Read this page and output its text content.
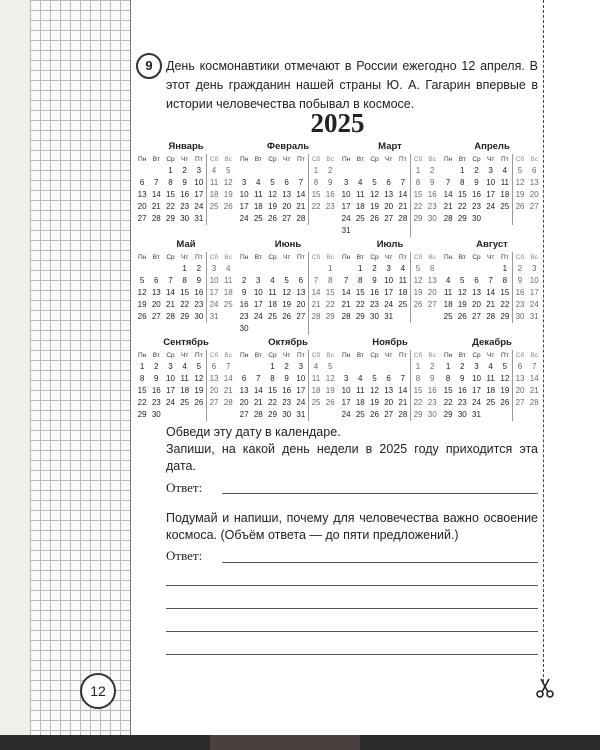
9	День космонавтики отмечают в России ежегодно 12 апреля. В этот день гражданин нашей страны Ю. А. Гагарин впервые в истории человечества побывал в космосе.
2025
Январь
Пн	Вт	Ср	Чт	Пт	Сб	Вс
		1	2	3	4	5
6	7	8	9	10	11	12
13	14	15	16	17	18	19
20	21	22	23	24	25	26
27	28	29	30	31		
Февраль
Пн	Вт	Ср	Чт	Пт	Сб	Вс
					1	2
3	4	5	6	7	8	9
10	11	12	13	14	15	16
17	18	19	20	21	22	23
24	25	26	27	28		
Март
Пн	Вт	Ср	Чт	Пт	Сб	Вс
					1	2
3	4	5	6	7	8	9
10	11	12	13	14	15	16
17	18	19	20	21	22	23
24	25	26	27	28	29	30
31						
Апрель
Пн	Вт	Ср	Чт	Пт	Сб	Вс
	1	2	3	4	5	6
7	8	9	10	11	12	13
14	15	16	17	18	19	20
21	22	23	24	25	26	27
28	29	30				
Май
Пн	Вт	Ср	Чт	Пт	Сб	Вс
			1	2	3	4
5	6	7	8	9	10	11
12	13	14	15	16	17	18
19	20	21	22	23	24	25
26	27	28	29	30	31	
Июнь
Пн	Вт	Ср	Чт	Пт	Сб	Вс
						1
2	3	4	5	6	7	8
9	10	11	12	13	14	15
16	17	18	19	20	21	22
23	24	25	26	27	28	29
30						
Июль
Пн	Вт	Ср	Чт	Пт	Сб	Вс
	1	2	3	4	5	6
7	8	9	10	11	12	13
14	15	16	17	18	19	20
21	22	23	24	25	26	27
28	29	30	31			
Август
Пн	Вт	Ср	Чт	Пт	Сб	Вс
				1	2	3
4	5	6	7	8	9	10
11	12	13	14	15	16	17
18	19	20	21	22	23	24
25	26	27	28	29	30	31
Сентябрь
Пн	Вт	Ср	Чт	Пт	Сб	Вс
1	2	3	4	5	6	7
8	9	10	11	12	13	14
15	16	17	18	19	20	21
22	23	24	25	26	27	28
29	30					
Октябрь
Пн	Вт	Ср	Чт	Пт	Сб	Вс
		1	2	3	4	5
6	7	8	9	10	11	12
13	14	15	16	17	18	19
20	21	22	23	24	25	26
27	28	29	30	31		
Ноябрь
Пн	Вт	Ср	Чт	Пт	Сб	Вс
					1	2
3	4	5	6	7	8	9
10	11	12	13	14	15	16
17	18	19	20	21	22	23
24	25	26	27	28	29	30
Декабрь
Пн	Вт	Ср	Чт	Пт	Сб	Вс
1	2	3	4	5	6	7
8	9	10	11	12	13	14
15	16	17	18	19	20	21
22	23	24	25	26	27	28
29	30	31				
Обведи эту дату в календаре.
Запиши, на какой день недели в 2025 году приходится эта дата.
Ответ:
Подумай и напиши, почему для человечества важно освоение космоса. (Объём ответа — до пяти предложений.)
Ответ:
12
